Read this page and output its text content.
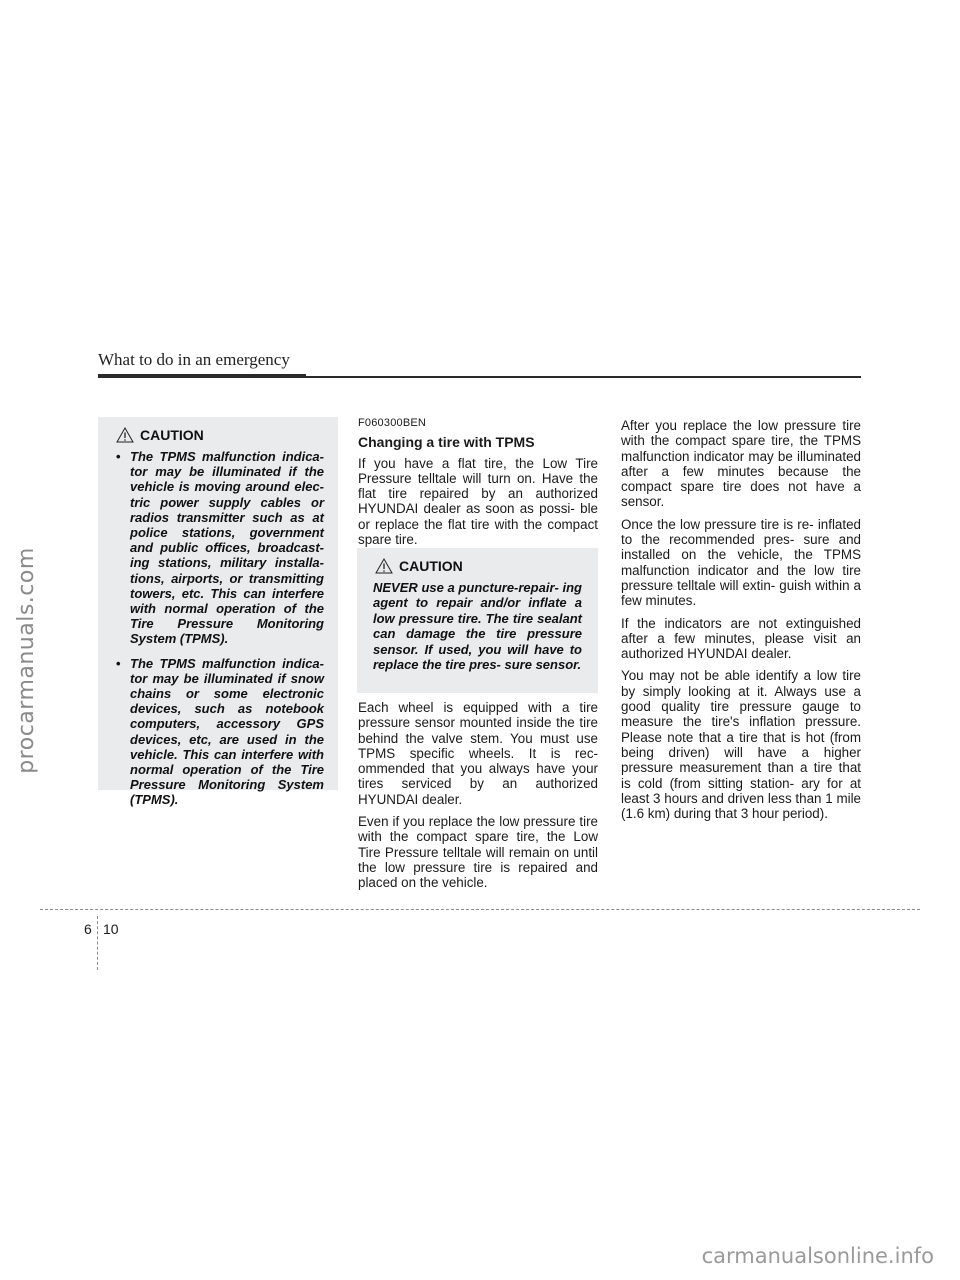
procarmanuals.com
What to do in an emergency
CAUTION
• The TPMS malfunction indica- tor may be illuminated if the vehicle is moving around elec- tric power supply cables or radios transmitter such as at police stations, government and public offices, broadcast- ing stations, military installa- tions, airports, or transmitting towers, etc. This can interfere with normal operation of the Tire Pressure Monitoring System (TPMS).
• The TPMS malfunction indica- tor may be illuminated if snow chains or some electronic devices, such as notebook computers, accessory GPS devices, etc, are used in the vehicle. This can interfere with normal operation of the Tire Pressure Monitoring System (TPMS).
F060300BEN
Changing a tire with TPMS

If you have a flat tire, the Low Tire Pressure telltale will turn on. Have the flat tire repaired by an authorized HYUNDAI dealer as soon as possi- ble or replace the flat tire with the compact spare tire.

CAUTION

NEVER use a puncture-repair- ing agent to repair and/or inflate a low pressure tire. The tire sealant can damage the tire pressure sensor. If used, you will have to replace the tire pres- sure sensor.

Each wheel is equipped with a tire pressure sensor mounted inside the tire behind the valve stem. You must use TPMS specific wheels. It is rec- ommended that you always have your tires serviced by an authorized HYUNDAI dealer.

Even if you replace the low pressure tire with the compact spare tire, the Low Tire Pressure telltale will remain on until the low pressure tire is repaired and placed on the vehicle.

After you replace the low pressure tire with the compact spare tire, the TPMS malfunction indicator may be illuminated after a few minutes because the compact spare tire does not have a sensor.

Once the low pressure tire is re- inflated to the recommended pres- sure and installed on the vehicle, the TPMS malfunction indicator and the low tire pressure telltale will extin- guish within a few minutes.

If the indicators are not extinguished after a few minutes, please visit an authorized HYUNDAI dealer.

You may not be able identify a low tire by simply looking at it. Always use a good quality tire pressure gauge to measure the tire's inflation pressure. Please note that a tire that is hot (from being driven) will have a higher pressure measurement than a tire that is cold (from sitting station- ary for at least 3 hours and driven less than 1 mile (1.6 km) during that 3 hour period).

6 10
carmanualsonline.info
